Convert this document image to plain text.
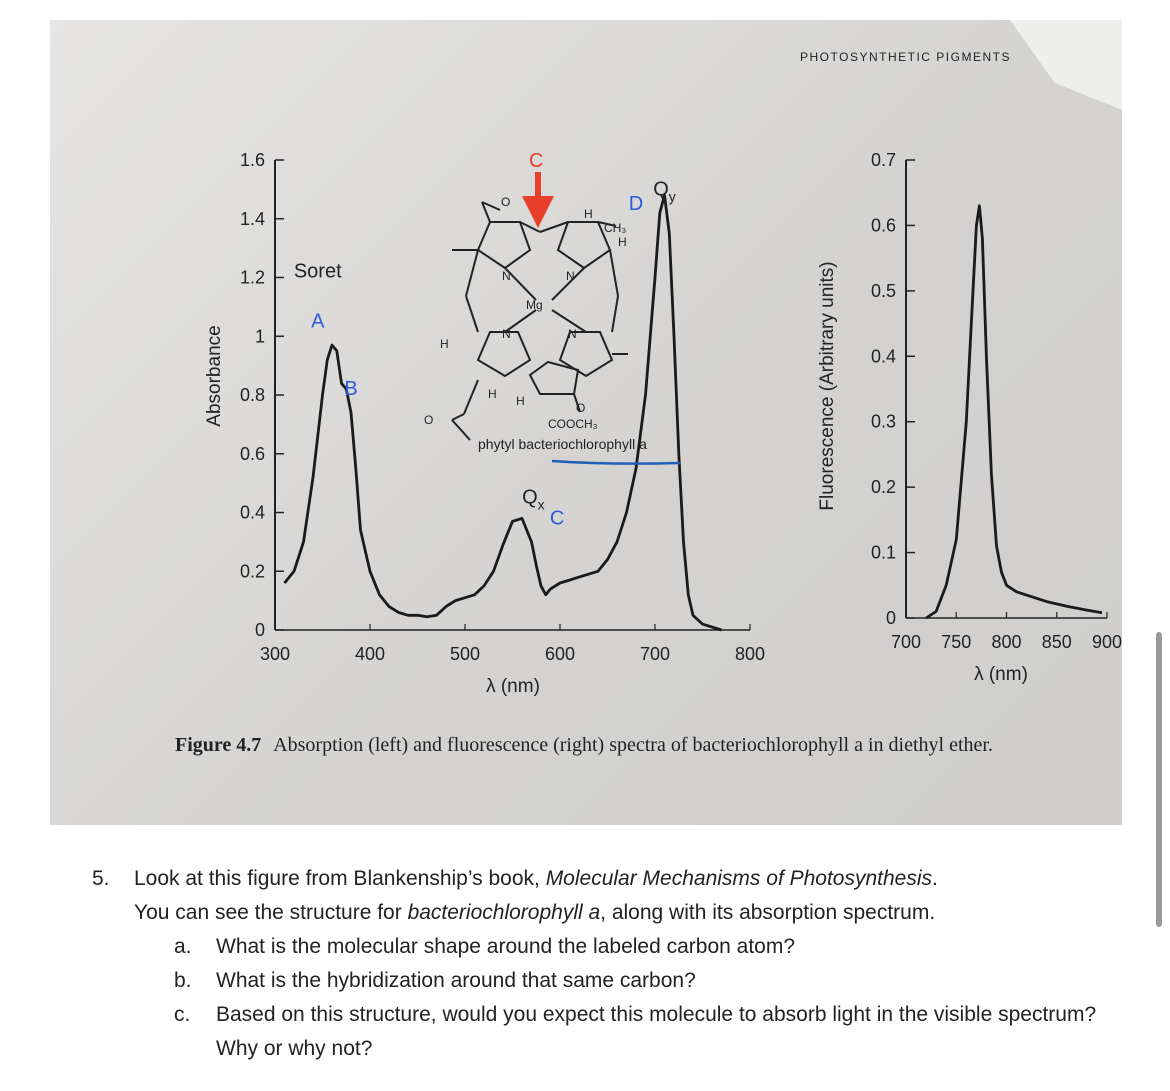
PHOTOSYNTHETIC PIGMENTS
Absorbance
λ (nm)
0
0.2
0.4
0.6
0.8
1
1.2
1.4
1.6
300	400	500	600	700	800
Soret
A
B
$Q_x$
C
D
$Q_y$
Fluorescence (Arbitrary units)
λ (nm)
0
0.1
0.2
0.3
0.4
0.5
0.6
0.7
700 750 800 850 900
Mg
N	N
N	N
CH₃
H
H
H
H H
COOCH₃
O
O
O
phytyl bacteriochlorophyll a
C
Figure 4.7 Absorption (left) and fluorescence (right) spectra of bacteriochlorophyll a in diethyl ether.
5. Look at this figure from Blankenship’s book, Molecular Mechanisms of Photosynthesis.
You can see the structure for bacteriochlorophyll a, along with its absorption spectrum.
a. What is the molecular shape around the labeled carbon atom?
b. What is the hybridization around that same carbon?
c. Based on this structure, would you expect this molecule to absorb light in the visible spectrum? Why or why not?
